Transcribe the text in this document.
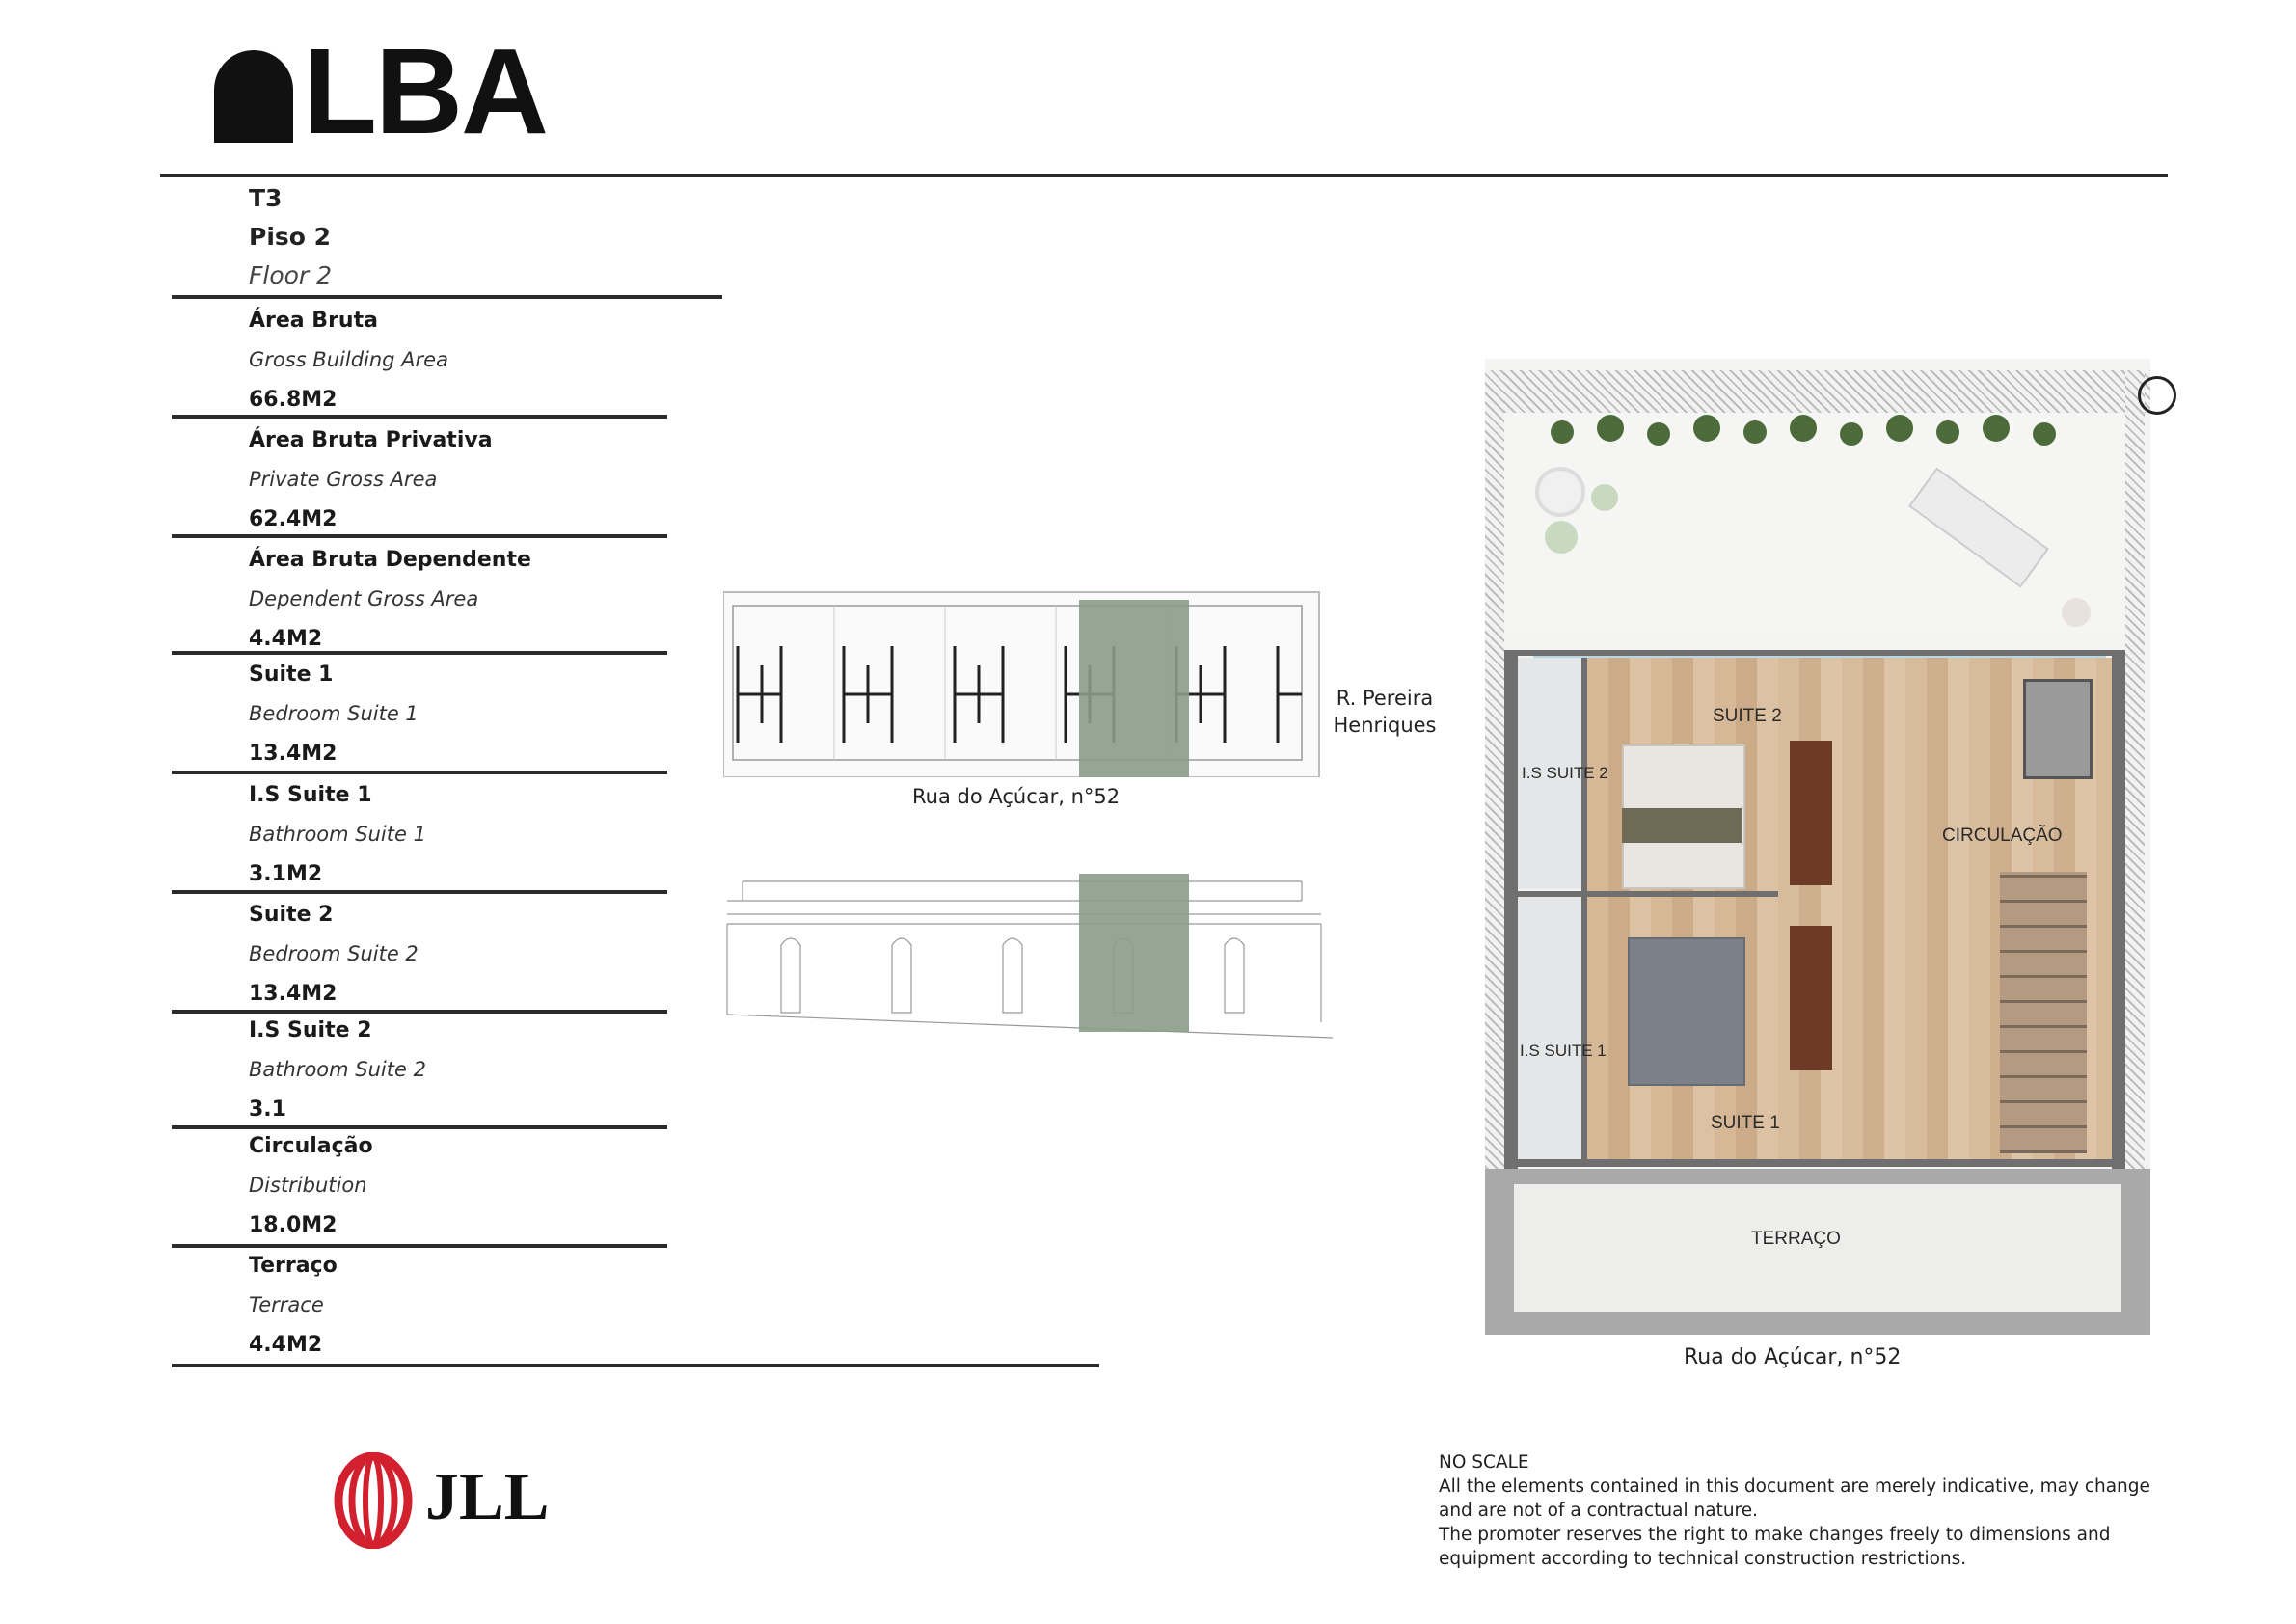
LBA
T3
Piso 2
Floor 2
Área Bruta
Gross Building Area
66.8M2
Área Bruta Privativa
Private Gross Area
62.4M2
Área Bruta Dependente
Dependent Gross Area
4.4M2
Suite 1
Bedroom Suite 1
13.4M2
I.S Suite 1
Bathroom Suite 1
3.1M2
Suite 2
Bedroom Suite 2
13.4M2
I.S Suite 2
Bathroom Suite 2
3.1
Circulação
Distribution
18.0M2
Terraço
Terrace
4.4M2
R. Pereira Henriques
Rua do Açúcar, n°52
SUITE 2
I.S SUITE 2
CIRCULAÇÃO
I.S SUITE 1
SUITE 1
TERRAÇO
Rua do Açúcar, n°52
JLL	NO SCALE
All the elements contained in this document are merely indicative, may change
and are not of a contractual nature.
The promoter reserves the right to make changes freely to dimensions and
equipment according to technical construction restrictions.
